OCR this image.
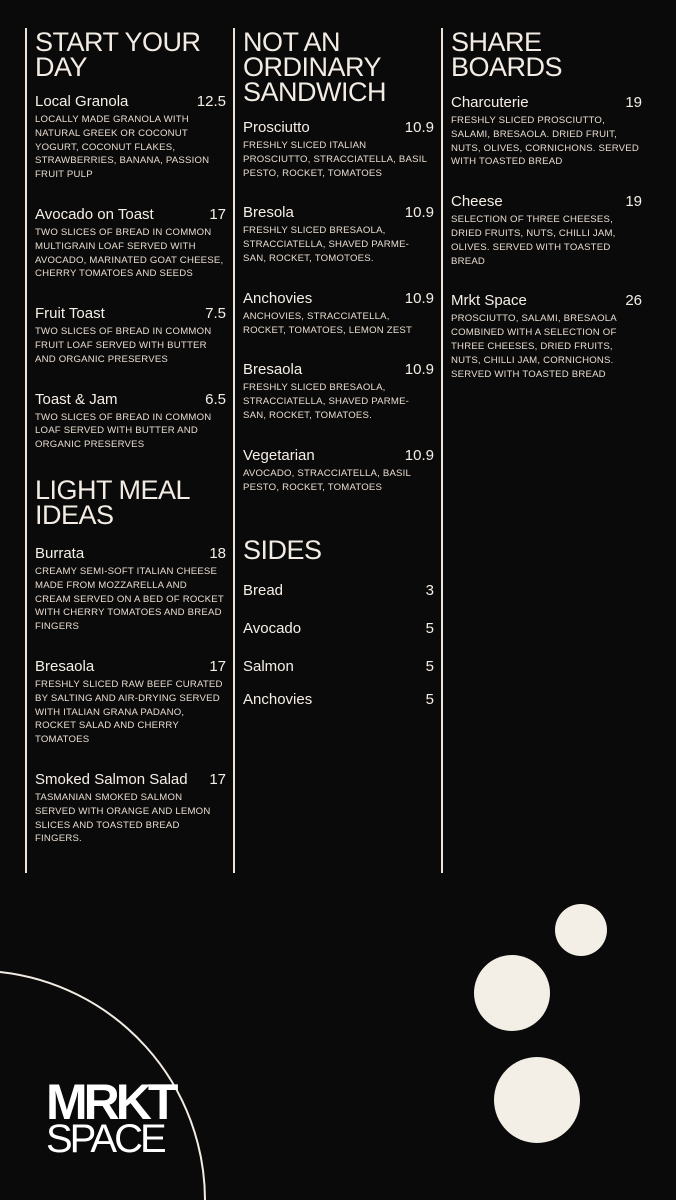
START YOUR
DAY
Local Granola	12.5
LOCALLY MADE GRANOLA WITH NATURAL GREEK OR COCONUT YOGURT, COCONUT FLAKES, STRAWBERRIES, BANANA, PASSION FRUIT PULP
Avocado on Toast	17
TWO SLICES OF BREAD IN COMMON MULTIGRAIN LOAF SERVED WITH AVOCADO, MARINATED GOAT CHEESE, CHERRY TOMATOES AND SEEDS
Fruit Toast	7.5
TWO SLICES OF BREAD IN COMMON FRUIT LOAF SERVED WITH BUTTER AND ORGANIC PRESERVES
Toast & Jam	6.5
TWO SLICES OF BREAD IN COMMON LOAF SERVED WITH BUTTER AND ORGANIC PRESERVES
LIGHT MEAL
IDEAS
Burrata	18
CREAMY SEMI-SOFT ITALIAN CHEESE MADE FROM MOZZARELLA AND CREAM SERVED ON A BED OF ROCKET WITH CHERRY TOMATOES AND BREAD FINGERS
Bresaola	17
FRESHLY SLICED RAW BEEF CURATED BY SALTING AND AIR-DRYING SERVED WITH ITALIAN GRANA PADANO, ROCKET SALAD AND CHERRY TOMATOES
Smoked Salmon Salad 17
TASMANIAN SMOKED SALMON SERVED WITH ORANGE AND LEMON SLICES AND TOASTED BREAD FINGERS.
NOT AN
ORDINARY
SANDWICH
Prosciutto	10.9
FRESHLY SLICED ITALIAN PROSCIUTTO, STRACCIATELLA, BASIL PESTO, ROCKET, TOMATOES
Bresola	10.9
FRESHLY SLICED BRESAOLA, STRACCIATELLA, SHAVED PARME-SAN, ROCKET, TOMOTOES.
Anchovies	10.9
ANCHOVIES, STRACCIATELLA, ROCKET, TOMATOES, LEMON ZEST
Bresaola	10.9
FRESHLY SLICED BRESAOLA, STRACCIATELLA, SHAVED PARME-SAN, ROCKET, TOMATOES.
Vegetarian	10.9
AVOCADO, STRACCIATELLA, BASIL PESTO, ROCKET, TOMATOES
SIDES
Bread	3
Avocado	5
Salmon	5
Anchovies	5
SHARE
BOARDS
Charcuterie	19
FRESHLY SLICED PROSCIUTTO, SALAMI, BRESAOLA. DRIED FRUIT, NUTS, OLIVES, CORNICHONS. SERVED WITH TOASTED BREAD
Cheese	19
SELECTION OF THREE CHEESES, DRIED FRUITS, NUTS, CHILLI JAM, OLIVES. SERVED WITH TOASTED BREAD
Mrkt Space	26
PROSCIUTTO, SALAMI, BRESAOLA COMBINED WITH A SELECTION OF THREE CHEESES, DRIED FRUITS, NUTS, CHILLI JAM, CORNICHONS. SERVED WITH TOASTED BREAD
MRKT
SPACE
